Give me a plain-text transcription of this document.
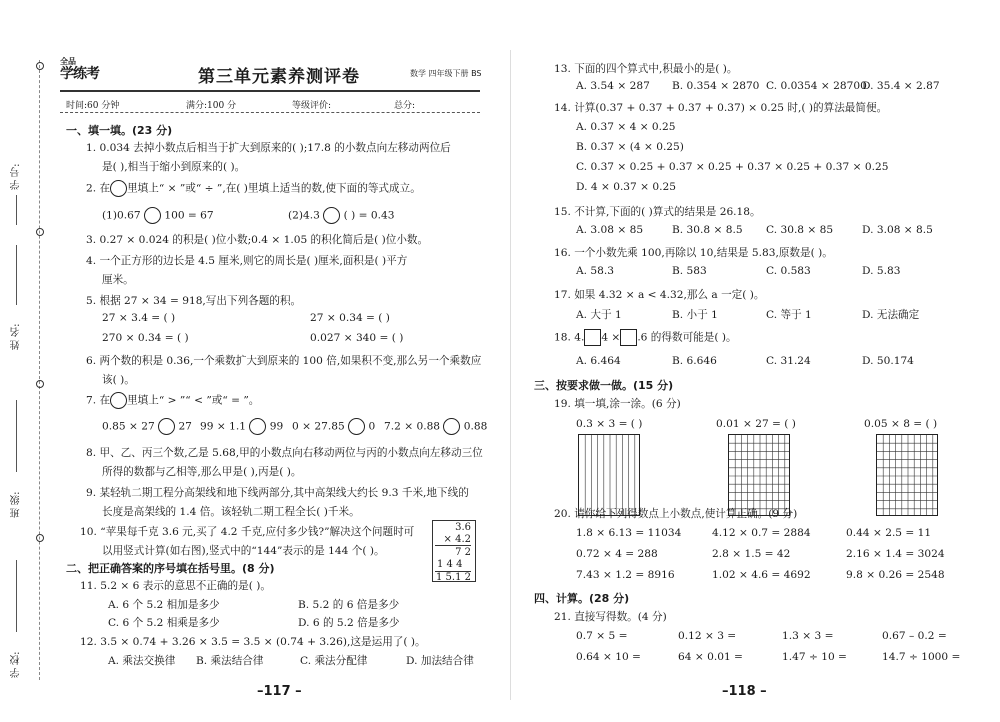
学 号:
姓 名:
班 级:
学 校:
全品
学练考	第三单元素养测评卷	数学 四年级下册 BS
时间:60 分钟	满分:100 分	等级评价:	总分:
一、填一填。(23 分)
1. 0.034 去掉小数点后相当于扩大到原来的( );17.8 的小数点向左移动两位后
是( ),相当于缩小到原来的( )。
2. 在 里填上“ × ”或“ ÷ ”,在( )里填上适当的数,使下面的等式成立。
(1)0.67 100 = 67	(2)4.3 ( ) = 0.43
3. 0.27 × 0.024 的积是( )位小数;0.4 × 1.05 的积化简后是( )位小数。
4. 一个正方形的边长是 4.5 厘米,则它的周长是( )厘米,面积是( )平方
厘米。
5. 根据 27 × 34 = 918,写出下列各题的积。
27 × 3.4 = ( )	27 × 0.34 = ( )
270 × 0.34 = ( )	0.027 × 340 = ( )
6. 两个数的积是 0.36,一个乘数扩大到原来的 100 倍,如果积不变,那么另一个乘数应
该( )。
7. 在 里填上“ > ”“ < ”或“ = ”。
0.85 × 27 27 99 × 1.1 99 0 × 27.85 0 7.2 × 0.88 0.88
8. 甲、乙、丙三个数,乙是 5.68,甲的小数点向右移动两位与丙的小数点向左移动三位
所得的数都与乙相等,那么甲是( ),丙是( )。
9. 某轻轨二期工程分高架线和地下线两部分,其中高架线大约长 9.3 千米,地下线的
长度是高架线的 1.4 倍。该轻轨二期工程全长( )千米。
10. “苹果每千克 3.6 元,买了 4.2 千克,应付多少钱?”解决这个问题时可
以用竖式计算(如右图),竖式中的“144”表示的是 144 个( )。
3.6
× 4.2
7 2
1 4 4
1 5.1 2
二、把正确答案的序号填在括号里。(8 分)
11. 5.2 × 6 表示的意思不正确的是( )。
A. 6 个 5.2 相加是多少	B. 5.2 的 6 倍是多少
C. 6 个 5.2 相乘是多少	D. 6 的 5.2 倍是多少
12. 3.5 × 0.74 + 3.26 × 3.5 = 3.5 × (0.74 + 3.26),这是运用了( )。
A. 乘法交换律 B. 乘法结合律	C. 乘法分配律	D. 加法结合律
–117 –
13. 下面的四个算式中,积最小的是( )。
A. 3.54 × 287 B. 0.354 × 2870 C. 0.0354 × 28700
D. 35.4 × 2.87
14. 计算(0.37 + 0.37 + 0.37 + 0.37) × 0.25 时,( )的算法最简便。
A. 0.37 × 4 × 0.25
B. 0.37 × (4 × 0.25)
C. 0.37 × 0.25 + 0.37 × 0.25 + 0.37 × 0.25 + 0.37 × 0.25
D. 4 × 0.37 × 0.25
15. 不计算,下面的( )算式的结果是 26.18。
A. 3.08 × 85	B. 30.8 × 8.5 C. 30.8 × 85	D. 3.08 × 8.5
16. 一个小数先乘 100,再除以 10,结果是 5.83,原数是( )。
A. 58.3	B. 583	C. 0.583	D. 5.83
17. 如果 4.32 × a < 4.32,那么 a 一定( )。
A. 大于 1	B. 小于 1	C. 等于 1	D. 无法确定
18. 4. 4 × .6 的得数可能是( )。
A. 6.464	B. 6.646	C. 31.24	D. 50.174
三、按要求做一做。(15 分)
19. 填一填,涂一涂。(6 分)
0.3 × 3 = ( )	0.01 × 27 = ( )	0.05 × 8 = ( )
20. 请你给下列得数点上小数点,使计算正确。(9 分)
1.8 × 6.13 = 11034	4.12 × 0.7 = 2884	0.44 × 2.5 = 11
0.72 × 4 = 288	2.8 × 1.5 = 42	2.16 × 1.4 = 3024
7.43 × 1.2 = 8916	1.02 × 4.6 = 4692	9.8 × 0.26 = 2548
四、计算。(28 分)
21. 直接写得数。(4 分)
0.7 × 5 =	0.12 × 3 =	1.3 × 3 =	0.67 – 0.2 =
0.64 × 10 =	64 × 0.01 =	1.47 ÷ 10 =	14.7 ÷ 1000 =
–118 –
